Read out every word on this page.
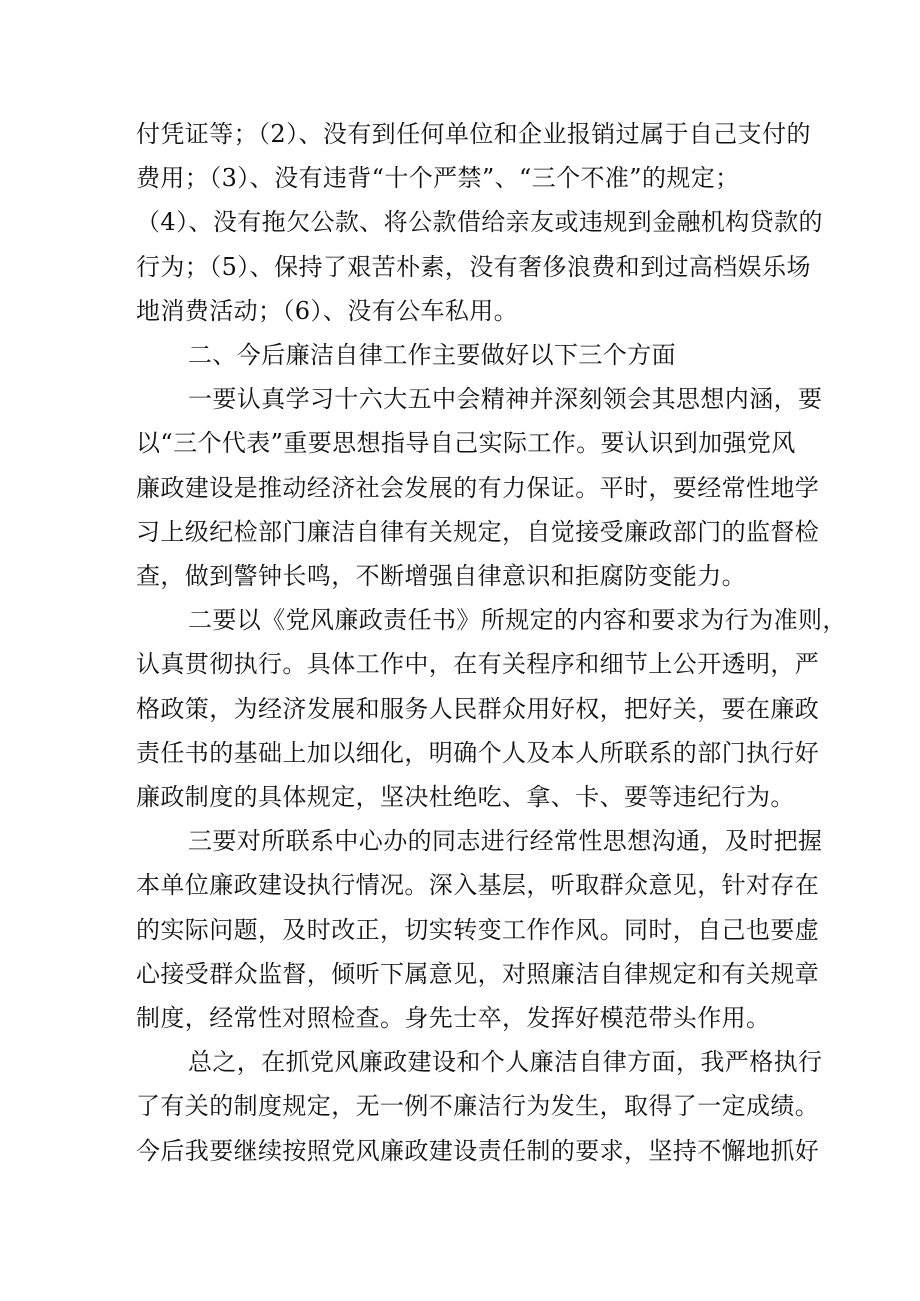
付凭证等；（2）、没有到任何单位和企业报销过属于自己支付的
费用；（3）、没有违背“十个严禁”、“三个不准”的规定；
（4）、没有拖欠公款、将公款借给亲友或违规到金融机构贷款的
行为；（5）、保持了艰苦朴素，没有奢侈浪费和到过高档娱乐场
地消费活动；（6）、没有公车私用。
二、今后廉洁自律工作主要做好以下三个方面
一要认真学习十六大五中会精神并深刻领会其思想内涵，要
以“三个代表”重要思想指导自己实际工作。要认识到加强党风
廉政建设是推动经济社会发展的有力保证。平时，要经常性地学
习上级纪检部门廉洁自律有关规定，自觉接受廉政部门的监督检
查，做到警钟长鸣，不断增强自律意识和拒腐防变能力。
二要以《党风廉政责任书》所规定的内容和要求为行为准则，
认真贯彻执行。具体工作中，在有关程序和细节上公开透明，严
格政策，为经济发展和服务人民群众用好权，把好关，要在廉政
责任书的基础上加以细化，明确个人及本人所联系的部门执行好
廉政制度的具体规定，坚决杜绝吃、拿、卡、要等违纪行为。
三要对所联系中心办的同志进行经常性思想沟通，及时把握
本单位廉政建设执行情况。深入基层，听取群众意见，针对存在
的实际问题，及时改正，切实转变工作作风。同时，自己也要虚
心接受群众监督，倾听下属意见，对照廉洁自律规定和有关规章
制度，经常性对照检查。身先士卒，发挥好模范带头作用。
总之，在抓党风廉政建设和个人廉洁自律方面，我严格执行
了有关的制度规定，无一例不廉洁行为发生，取得了一定成绩。
今后我要继续按照党风廉政建设责任制的要求，坚持不懈地抓好
